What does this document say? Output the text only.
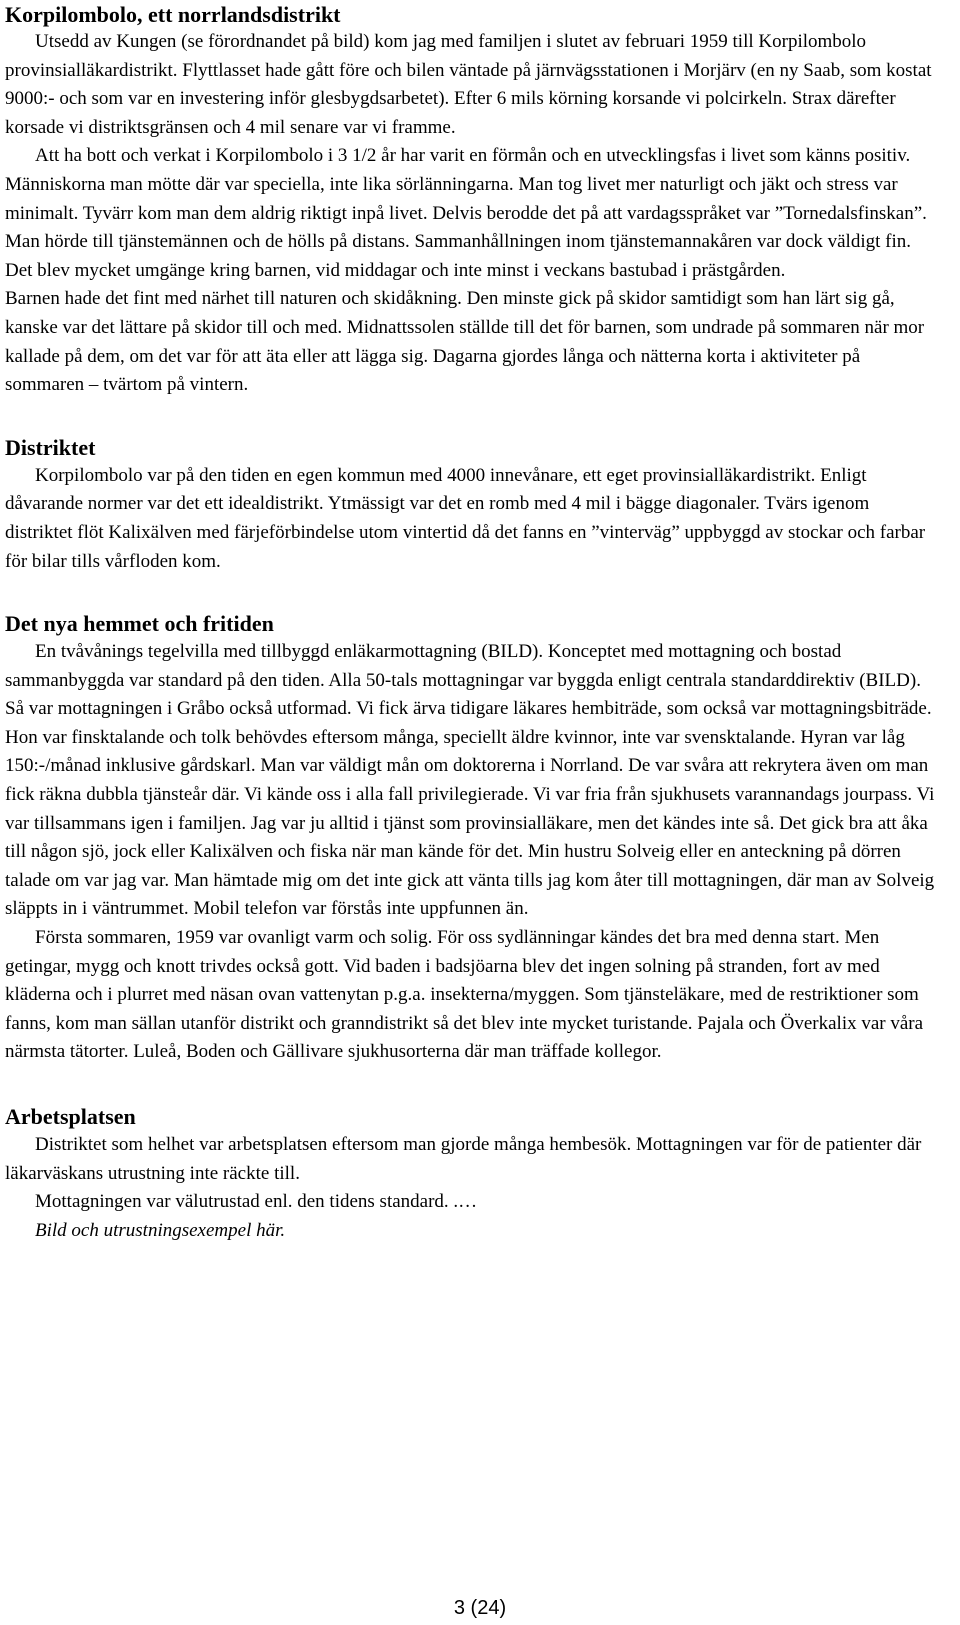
Korpilombolo, ett norrlandsdistrikt

Utsedd av Kungen (se förordnandet på bild) kom jag med familjen i slutet av februari 1959 till Korpilombolo provinsialläkardistrikt. Flyttlasset hade gått före och bilen väntade på järnvägsstationen i Morjärv (en ny Saab, som kostat 9000:- och som var en investering inför glesbygdsarbetet). Efter 6 mils körning korsande vi polcirkeln. Strax därefter korsade vi distriktsgränsen och 4 mil senare var vi framme.

Att ha bott och verkat i Korpilombolo i 3 1/2 år har varit en förmån och en utvecklingsfas i livet som känns positiv. Människorna man mötte där var speciella, inte lika sörlänningarna. Man tog livet mer naturligt och jäkt och stress var minimalt. Tyvärr kom man dem aldrig riktigt inpå livet. Delvis berodde det på att vardagsspråket var ”Tornedalsfinskan”. Man hörde till tjänstemännen och de hölls på distans. Sammanhållningen inom tjänstemannakåren var dock väldigt fin. Det blev mycket umgänge kring barnen, vid middagar och inte minst i veckans bastubad i prästgården.

Barnen hade det fint med närhet till naturen och skidåkning. Den minste gick på skidor samtidigt som han lärt sig gå, kanske var det lättare på skidor till och med. Midnattssolen ställde till det för barnen, som undrade på sommaren när mor kallade på dem, om det var för att äta eller att lägga sig. Dagarna gjordes långa och nätterna korta i aktiviteter på sommaren – tvärtom på vintern.

Distriktet

Korpilombolo var på den tiden en egen kommun med 4000 innevånare, ett eget provinsialläkardistrikt. Enligt dåvarande normer var det ett idealdistrikt. Ytmässigt var det en romb med 4 mil i bägge diagonaler. Tvärs igenom distriktet flöt Kalixälven med färjeförbindelse utom vintertid då det fanns en ”vinterväg” uppbyggd av stockar och farbar för bilar tills vårfloden kom.

Det nya hemmet och fritiden

En tvåvånings tegelvilla med tillbyggd enläkarmottagning (BILD). Konceptet med mottagning och bostad sammanbyggda var standard på den tiden. Alla 50-tals mottagningar var byggda enligt centrala standarddirektiv (BILD). Så var mottagningen i Gråbo också utformad. Vi fick ärva tidigare läkares hembiträde, som också var mottagningsbiträde. Hon var finsktalande och tolk behövdes eftersom många, speciellt äldre kvinnor, inte var svensktalande. Hyran var låg 150:-/månad inklusive gårdskarl. Man var väldigt mån om doktorerna i Norrland. De var svåra att rekrytera även om man fick räkna dubbla tjänsteår där. Vi kände oss i alla fall privilegierade. Vi var fria från sjukhusets varannandags jourpass. Vi var tillsammans igen i familjen. Jag var ju alltid i tjänst som provinsialläkare, men det kändes inte så. Det gick bra att åka till någon sjö, jock eller Kalixälven och fiska när man kände för det. Min hustru Solveig eller en anteckning på dörren talade om var jag var. Man hämtade mig om det inte gick att vänta tills jag kom åter till mottagningen, där man av Solveig släppts in i väntrummet. Mobil telefon var förstås inte uppfunnen än.

Första sommaren, 1959 var ovanligt varm och solig. För oss sydlänningar kändes det bra med denna start. Men getingar, mygg och knott trivdes också gott. Vid baden i badsjöarna blev det ingen solning på stranden, fort av med kläderna och i plurret med näsan ovan vattenytan p.g.a. insekterna/myggen. Som tjänsteläkare, med de restriktioner som fanns, kom man sällan utanför distrikt och granndistrikt så det blev inte mycket turistande. Pajala och Överkalix var våra närmsta tätorter. Luleå, Boden och Gällivare sjukhusorterna där man träffade kollegor.

Arbetsplatsen

Distriktet som helhet var arbetsplatsen eftersom man gjorde många hembesök. Mottagningen var för de patienter där läkarväskans utrustning inte räckte till.

Mottagningen var välutrustad enl. den tidens standard. .…

Bild och utrustningsexempel här.

3 (24)
